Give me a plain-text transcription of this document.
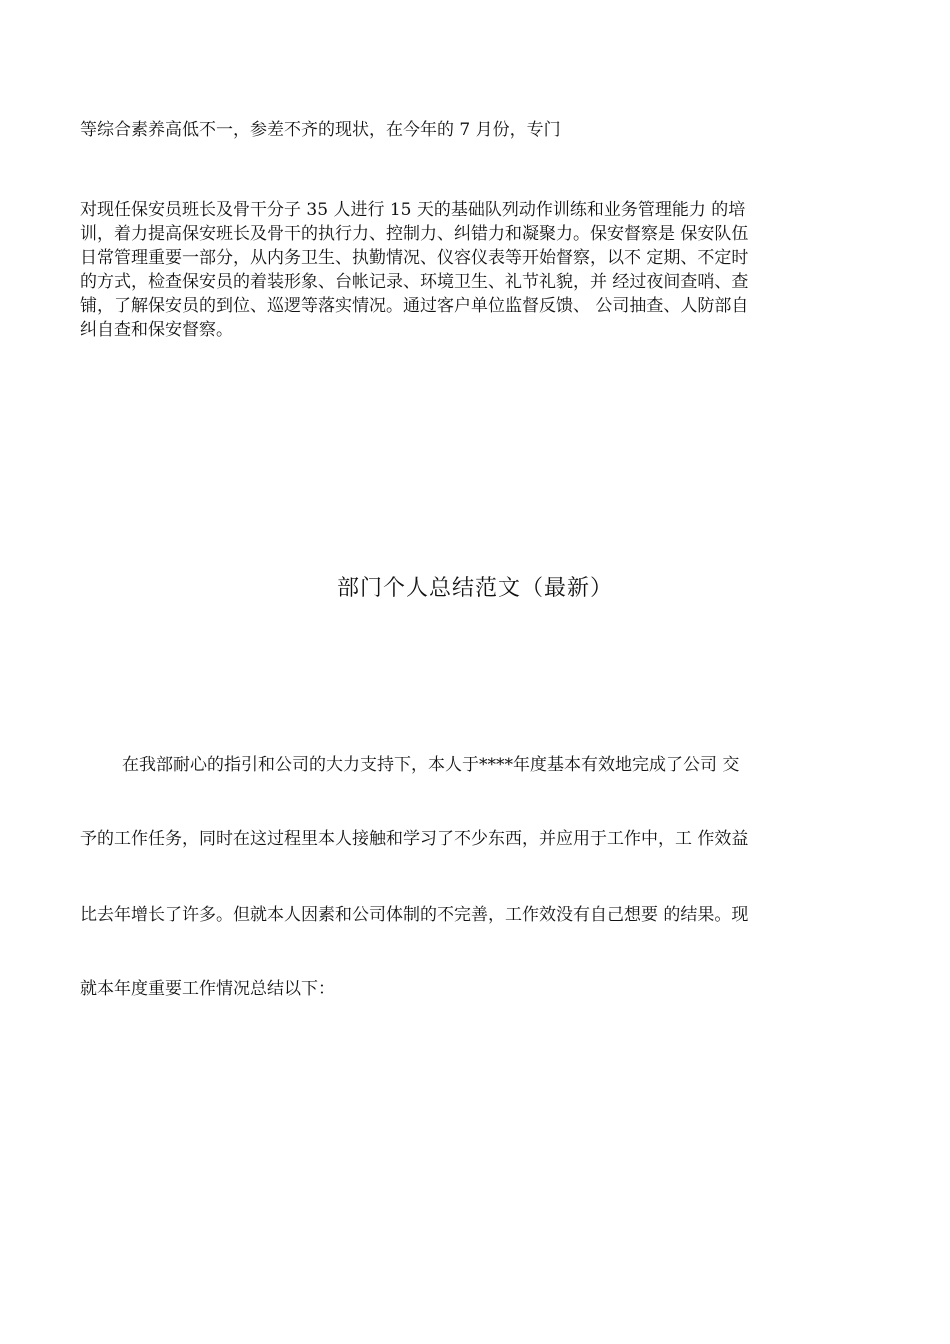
等综合素养高低不一，参差不齐的现状，在今年的 7 月份，专门
对现任保安员班长及骨干分子 35 人进行 15 天的基础队列动作训练和业务管理能力 的培
训，着力提高保安班长及骨干的执行力、控制力、纠错力和凝聚力。保安督察是 保安队伍
日常管理重要一部分，从内务卫生、执勤情况、仪容仪表等开始督察，以不 定期、不定时
的方式，检查保安员的着装形象、台帐记录、环境卫生、礼节礼貌，并 经过夜间查哨、查
铺，了解保安员的到位、巡逻等落实情况。通过客户单位监督反馈、 公司抽查、人防部自
纠自查和保安督察。
部门个人总结范文（最新）
在我部耐心的指引和公司的大力支持下，本人于****年度基本有效地完成了公司 交
予的工作任务，同时在这过程里本人接触和学习了不少东西，并应用于工作中，工 作效益
比去年增长了许多。但就本人因素和公司体制的不完善，工作效没有自己想要 的结果。现
就本年度重要工作情况总结以下：
